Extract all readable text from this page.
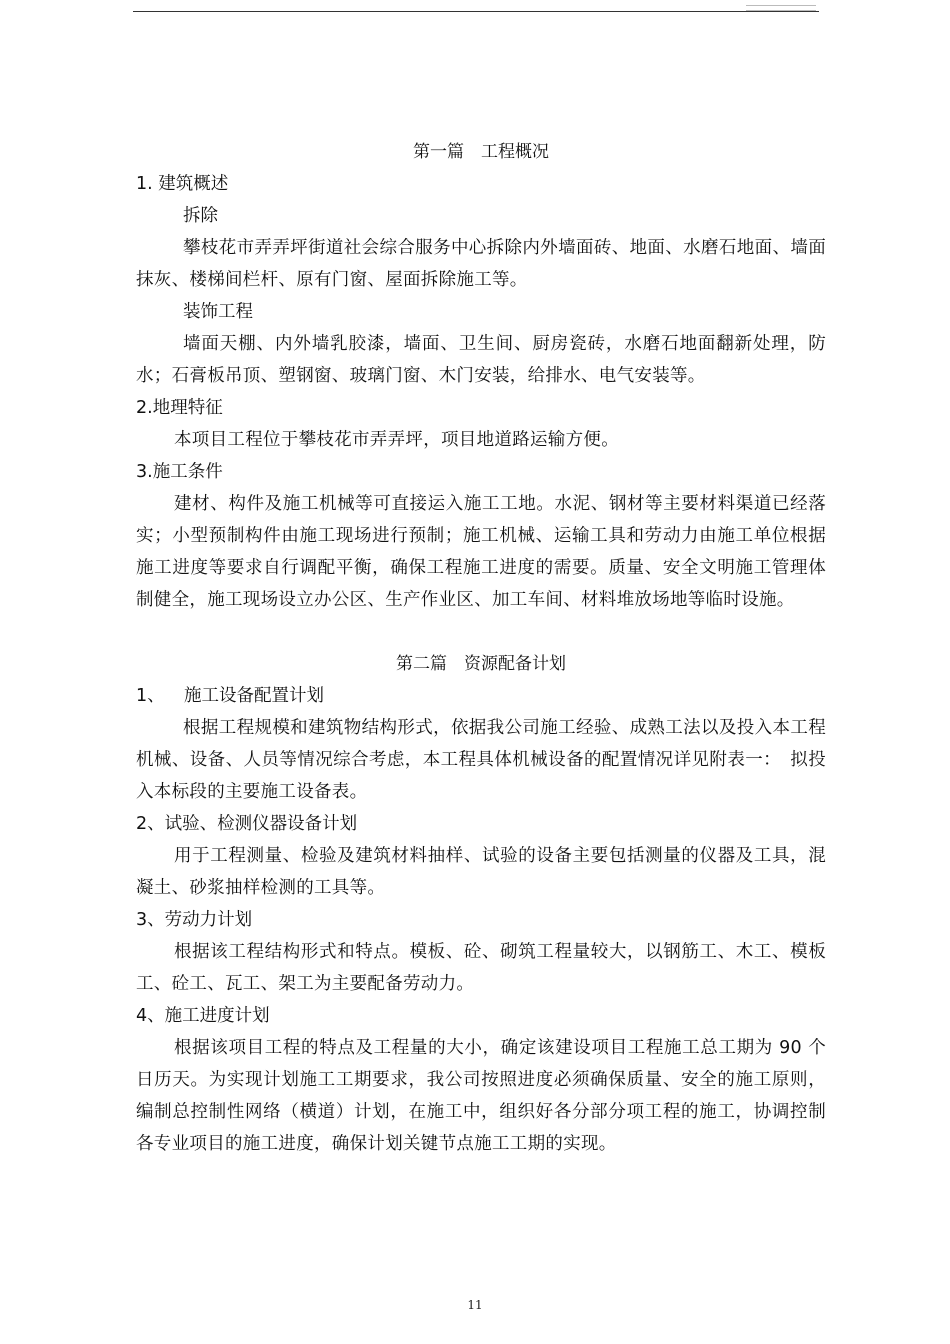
第一篇　工程概况
1. 建筑概述
拆除
攀枝花市弄弄坪街道社会综合服务中心拆除内外墙面砖、地面、水磨石地面、墙面抹灰、楼梯间栏杆、原有门窗、屋面拆除施工等。
装饰工程
墙面天棚、内外墙乳胶漆，墙面、卫生间、厨房瓷砖，水磨石地面翻新处理，防水；石膏板吊顶、塑钢窗、玻璃门窗、木门安装，给排水、电气安装等。
2.地理特征
本项目工程位于攀枝花市弄弄坪，项目地道路运输方便。
3.施工条件
建材、构件及施工机械等可直接运入施工工地。水泥、钢材等主要材料渠道已经落实；小型预制构件由施工现场进行预制；施工机械、运输工具和劳动力由施工单位根据施工进度等要求自行调配平衡，确保工程施工进度的需要。质量、安全文明施工管理体制健全，施工现场设立办公区、生产作业区、加工车间、材料堆放场地等临时设施。
第二篇　资源配备计划
1、 施工设备配置计划
根据工程规模和建筑物结构形式，依据我公司施工经验、成熟工法以及投入本工程机械、设备、人员等情况综合考虑，本工程具体机械设备的配置情况详见附表一：　拟投入本标段的主要施工设备表。
2、试验、检测仪器设备计划
用于工程测量、检验及建筑材料抽样、试验的设备主要包括测量的仪器及工具，混凝土、砂浆抽样检测的工具等。
3、劳动力计划
根据该工程结构形式和特点。模板、砼、砌筑工程量较大，以钢筋工、木工、模板工、砼工、瓦工、架工为主要配备劳动力。
4、施工进度计划
根据该项目工程的特点及工程量的大小，确定该建设项目工程施工总工期为 90 个日历天。为实现计划施工工期要求，我公司按照进度必须确保质量、安全的施工原则，编制总控制性网络（横道）计划，在施工中，组织好各分部分项工程的施工，协调控制各专业项目的施工进度，确保计划关键节点施工工期的实现。
11
